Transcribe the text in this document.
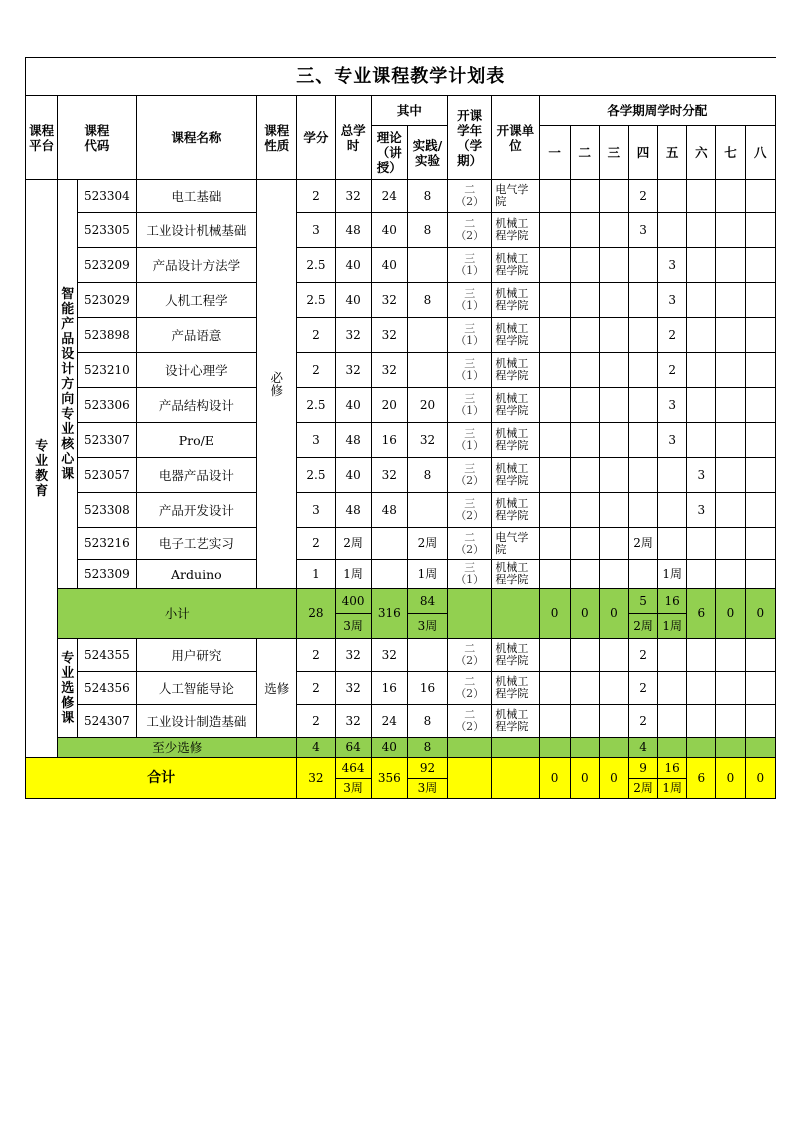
三、专业课程教学计划表																		
课程平台	课程代码		课程名称	课程性质	学分	总学时	其中		开课学年（学期）	开课单位	各学期周学时分配							
							理论（讲授）	实践/实验			一	二	三	四	五	六	七	八
专业教育	智能产品设计方向专业核心课	523304	电工基础	必修	2	32	24	8	二（2）	电气学院				2				
		523305	工业设计机械基础		3	48	40	8	二（2）	机械工程学院				3				
		523209	产品设计方法学		2.5	40	40		三（1）	机械工程学院					3			
		523029	人机工程学		2.5	40	32	8	三（1）	机械工程学院					3			
		523898	产品语意		2	32	32		三（1）	机械工程学院					2			
		523210	设计心理学		2	32	32		三（1）	机械工程学院					2			
		523306	产品结构设计		2.5	40	20	20	三（1）	机械工程学院					3			
		523307	Pro/E		3	48	16	32	三（1）	机械工程学院					3			
		523057	电器产品设计		2.5	40	32	8	三（2）	机械工程学院						3		
		523308	产品开发设计		3	48	48		三（2）	机械工程学院						3		
		523216	电子工艺实习		2	2周		2周	二（2）	电气学院				2周				
		523309	Arduino		1	1周		1周	三（1）	机械工程学院					1周			
	小计				28	400	316	84			0	0	0	5	16	6	0	0
						3周		3周						2周	1周			
	专业选修课	524355	用户研究	选修	2	32	32		二（2）	机械工程学院				2				
		524356	人工智能导论		2	32	16	16	二（2）	机械工程学院				2				
		524307	工业设计制造基础		2	32	24	8	二（2）	机械工程学院				2				
	至少选修				4	64	40	8						4				
合计					32	464	356	92			0	0	0	9	16	6	0	0
						3周		3周						2周	1周			
